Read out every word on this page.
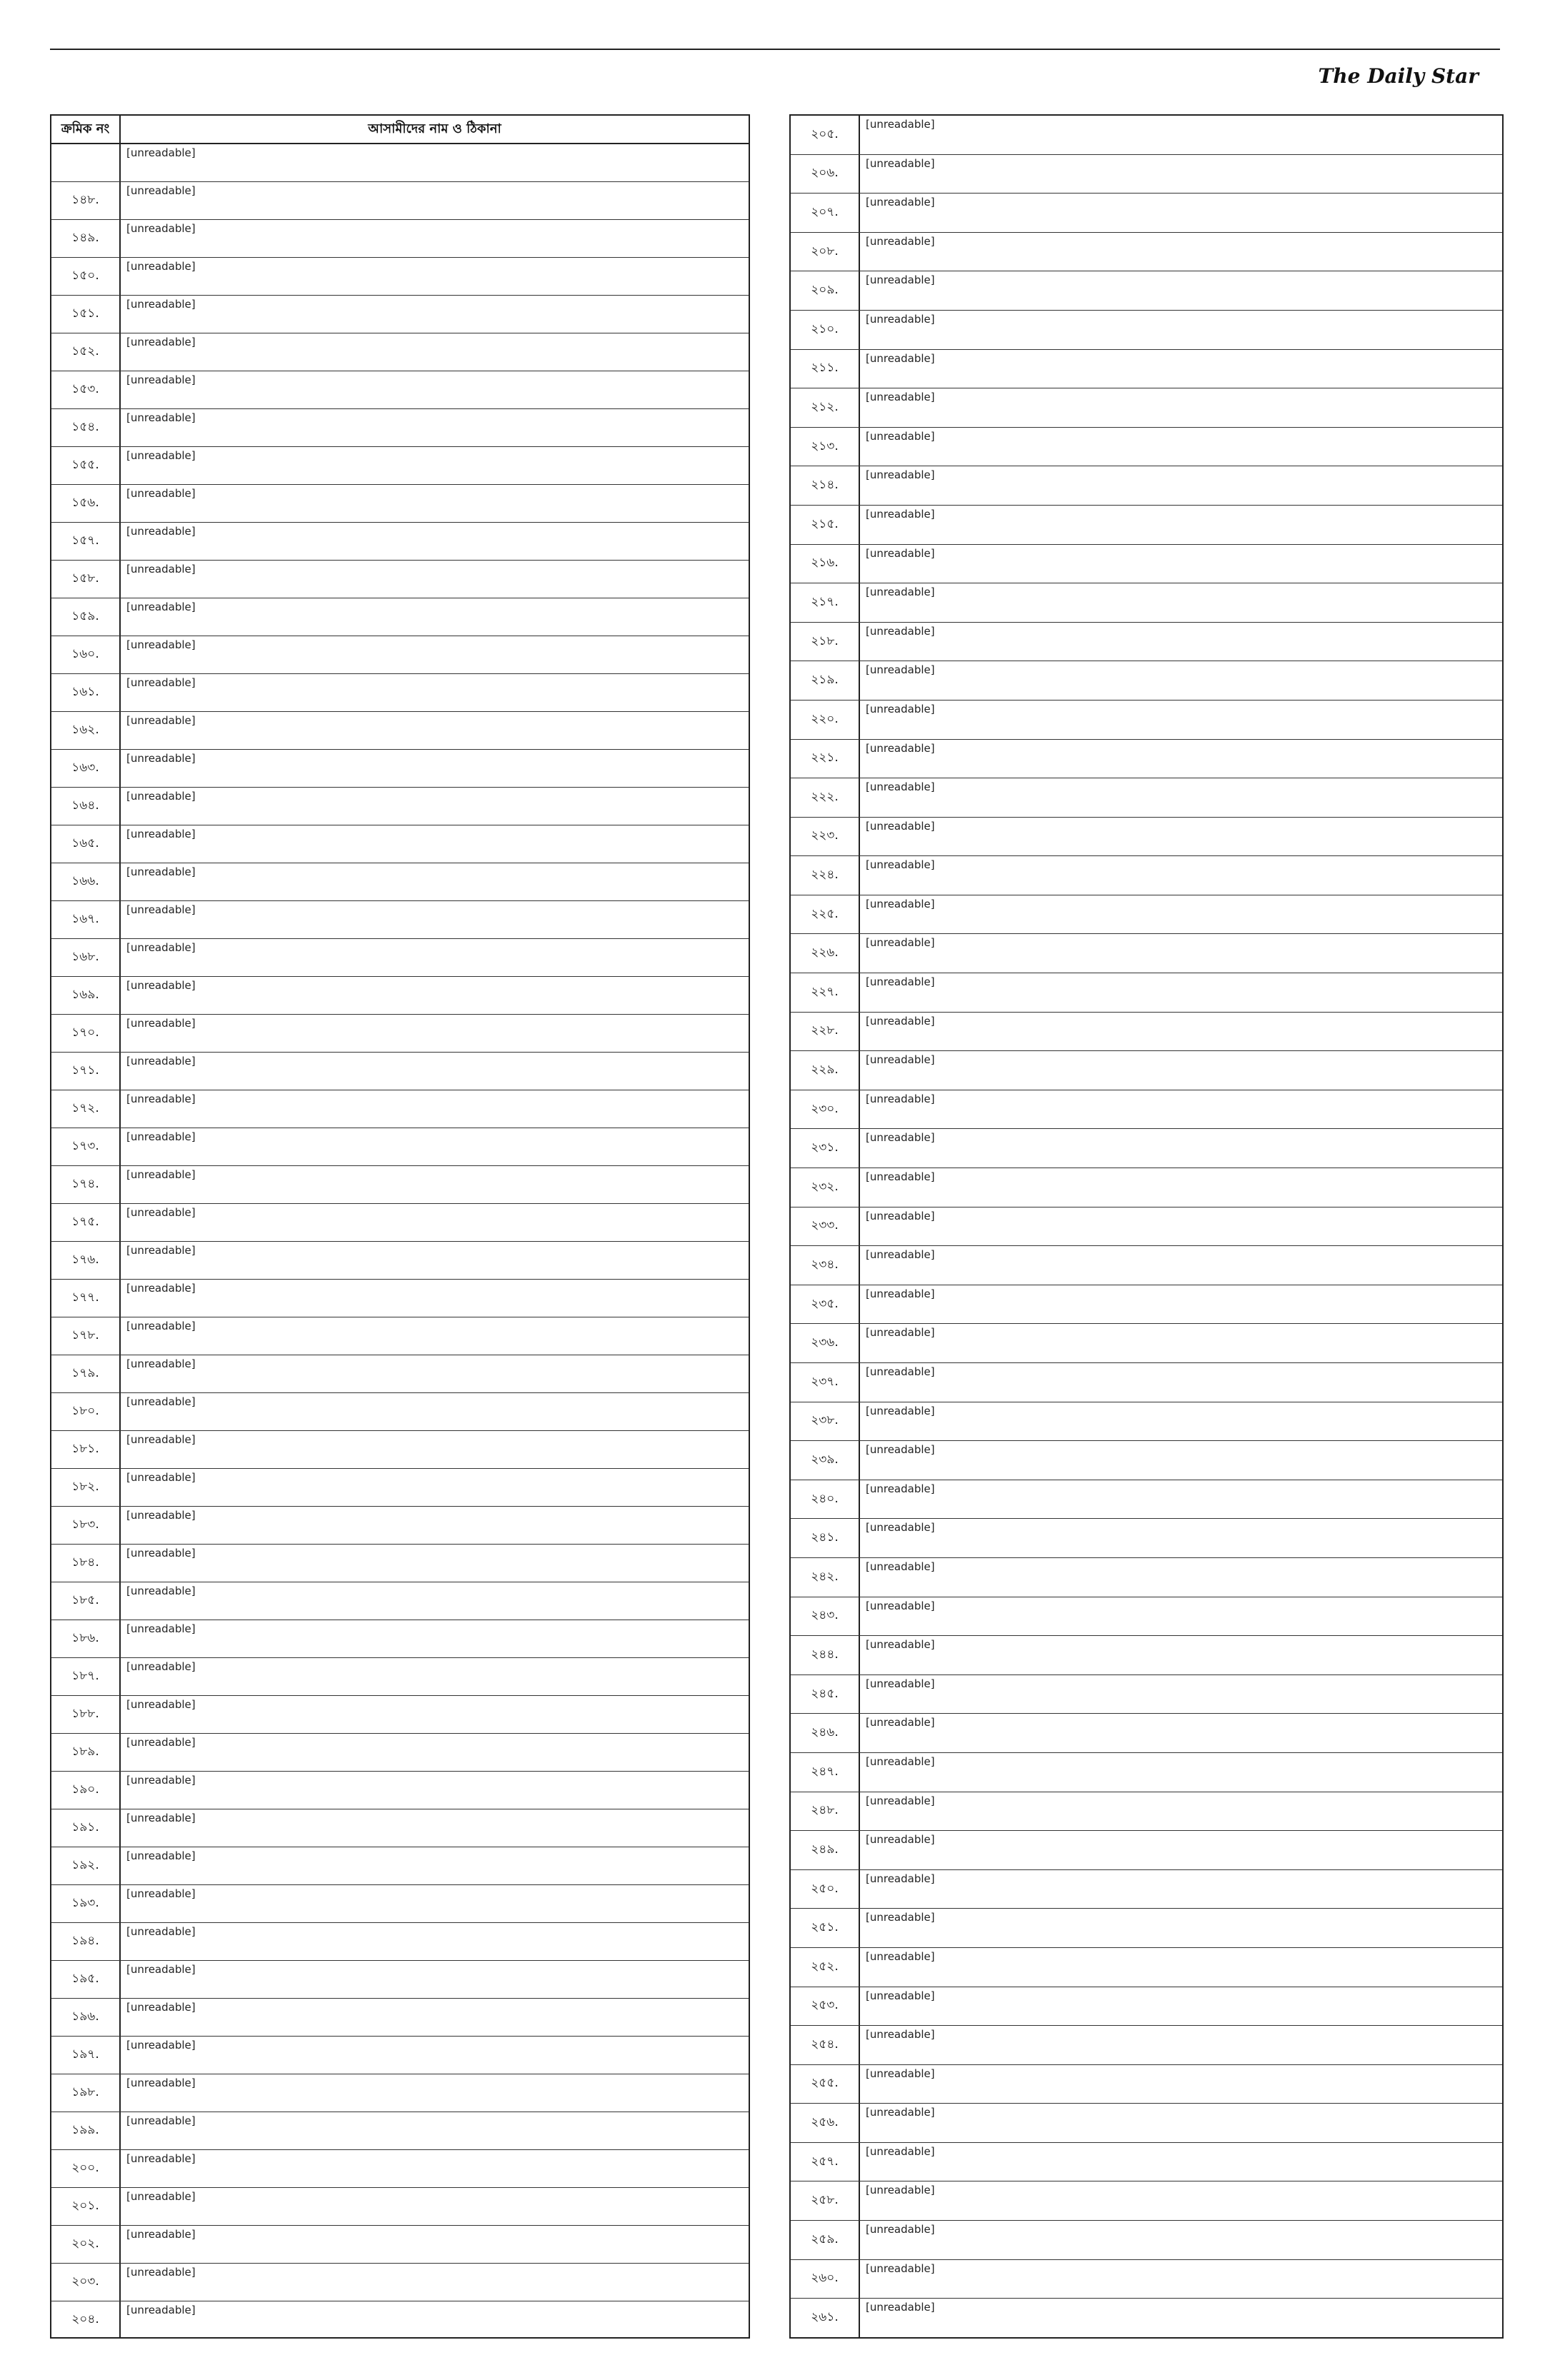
The Daily Star
ক্রমিক নং	আসামীদের নাম ও ঠিকানা
[unreadable]
১৪৮.
[unreadable]
১৪৯.
[unreadable]
১৫০.
[unreadable]
১৫১.
[unreadable]
১৫২.
[unreadable]
১৫৩.
[unreadable]
১৫৪.
[unreadable]
১৫৫.
[unreadable]
১৫৬.
[unreadable]
১৫৭.
[unreadable]
১৫৮.
[unreadable]
১৫৯.
[unreadable]
১৬০.
[unreadable]
১৬১.
[unreadable]
১৬২.
[unreadable]
১৬৩.
[unreadable]
১৬৪.
[unreadable]
১৬৫.
[unreadable]
১৬৬.
[unreadable]
১৬৭.
[unreadable]
১৬৮.
[unreadable]
১৬৯.
[unreadable]
১৭০.
[unreadable]
১৭১.
[unreadable]
১৭২.
[unreadable]
১৭৩.
[unreadable]
১৭৪.
[unreadable]
১৭৫.
[unreadable]
১৭৬.
[unreadable]
১৭৭.
[unreadable]
১৭৮.
[unreadable]
১৭৯.
[unreadable]
১৮০.
[unreadable]
১৮১.
[unreadable]
১৮২.
[unreadable]
১৮৩.
[unreadable]
১৮৪.
[unreadable]
১৮৫.
[unreadable]
১৮৬.
[unreadable]
১৮৭.
[unreadable]
১৮৮.
[unreadable]
১৮৯.
[unreadable]
১৯০.
[unreadable]
১৯১.
[unreadable]
১৯২.
[unreadable]
১৯৩.
[unreadable]
১৯৪.
[unreadable]
১৯৫.
[unreadable]
১৯৬.
[unreadable]
১৯৭.
[unreadable]
১৯৮.
[unreadable]
১৯৯.
[unreadable]
২০০.
[unreadable]
২০১.
[unreadable]
২০২.
[unreadable]
২০৩.
[unreadable]
২০৪.
[unreadable]
২০৫.
[unreadable]
২০৬.
[unreadable]
২০৭.
[unreadable]
২০৮.
[unreadable]
২০৯.
[unreadable]
২১০.
[unreadable]
২১১.
[unreadable]
২১২.
[unreadable]
২১৩.
[unreadable]
২১৪.
[unreadable]
২১৫.
[unreadable]
২১৬.
[unreadable]
২১৭.
[unreadable]
২১৮.
[unreadable]
২১৯.
[unreadable]
২২০.
[unreadable]
২২১.
[unreadable]
২২২.
[unreadable]
২২৩.
[unreadable]
২২৪.
[unreadable]
২২৫.
[unreadable]
২২৬.
[unreadable]
২২৭.
[unreadable]
২২৮.
[unreadable]
২২৯.
[unreadable]
২৩০.
[unreadable]
২৩১.
[unreadable]
২৩২.
[unreadable]
২৩৩.
[unreadable]
২৩৪.
[unreadable]
২৩৫.
[unreadable]
২৩৬.
[unreadable]
২৩৭.
[unreadable]
২৩৮.
[unreadable]
২৩৯.
[unreadable]
২৪০.
[unreadable]
২৪১.
[unreadable]
২৪২.
[unreadable]
২৪৩.
[unreadable]
২৪৪.
[unreadable]
২৪৫.
[unreadable]
২৪৬.
[unreadable]
২৪৭.
[unreadable]
২৪৮.
[unreadable]
২৪৯.
[unreadable]
২৫০.
[unreadable]
২৫১.
[unreadable]
২৫২.
[unreadable]
২৫৩.
[unreadable]
২৫৪.
[unreadable]
২৫৫.
[unreadable]
২৫৬.
[unreadable]
২৫৭.
[unreadable]
২৫৮.
[unreadable]
২৫৯.
[unreadable]
২৬০.
[unreadable]
২৬১.
[unreadable]
